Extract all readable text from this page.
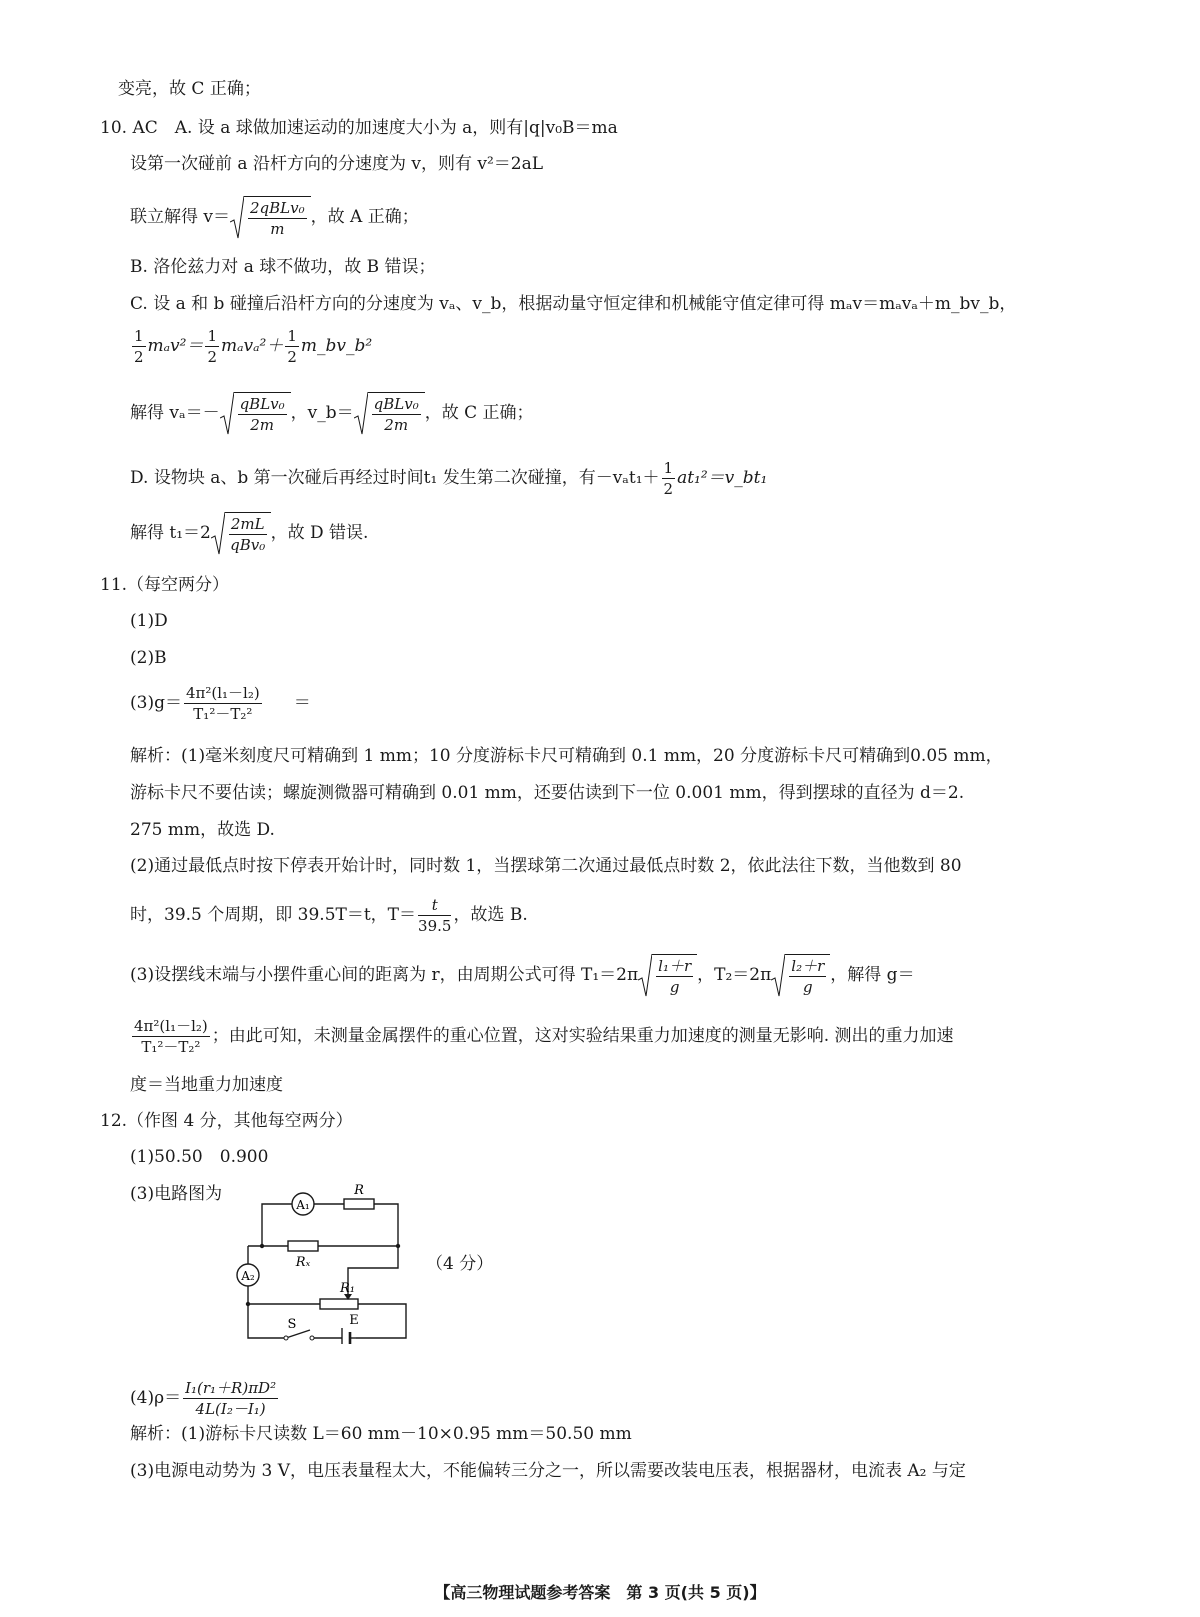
变亮，故 C 正确；
10. AC　A. 设 a 球做加速运动的加速度大小为 a，则有|q|v₀B＝ma
设第一次碰前 a 沿杆方向的分速度为 v，则有 v²＝2aL
联立解得 $v= \frac{\text{2qBLv₀}}{m}$ ，故 A 正确；
B. 洛伦兹力对 a 球不做功，故 B 错误；
C. 设 a 和 b 碰撞后沿杆方向的分速度为 vₐ、v_b，根据动量守恒定律和机械能守值定律可得 mₐv＝mₐvₐ＋m_bv_b，
$\frac{1}{2} m_av^2= \frac{1}{2} m_av_a^2+ \frac{1}{2}$ m_bv_b²
解得 $v_a=- \frac{\text{qBLv₀}}{2m}$ ，v_b＝ $\frac{\text{qBLv₀}}{2m}$ ，故 C 正确；
D. 设物块 a、b 第一次碰后再经过时间t₁ 发生第二次碰撞，有$-v_at_1+ \frac{1}{2}$ at₁²＝v_bt₁
解得 $t_1=2 \frac{2mL}{\text{qBv₀}}$ ，故 D 错误.
11.（每空两分）
(1)D
(2)B
$(3)g= \frac{\text{4π²(l₁－l₂)}}{\text{T₁²－T₂²}}$ ＝
解析：(1)毫米刻度尺可精确到 1 mm；10 分度游标卡尺可精确到 0.1 mm，20 分度游标卡尺可精确到0.05 mm，
游标卡尺不要估读；螺旋测微器可精确到 0.01 mm，还要估读到下一位 0.001 mm，得到摆球的直径为 d＝2.
275 mm，故选 D.
(2)通过最低点时按下停表开始计时，同时数 1，当摆球第二次通过最低点时数 2，依此法往下数，当他数到 80
时，39.5 个周期，即 39.5T＝t，$T= \frac{t}{39.5}$ ，故选 B.
(3)设摆线末端与小摆件重心间的距离为 r，由周期公式可得 $T_1=2\pi \frac{\text{l₁＋r}}{g}$ ，$T_2=2\pi \frac{\text{l₂＋r}}{g}$ ，解得 g＝
$\frac{\text{4π²(l₁－l₂)}}{\text{T₁²－T₂²}}$ ；由此可知，未测量金属摆件的重心位置，这对实验结果重力加速度的测量无影响. 测出的重力加速
度＝当地重力加速度
12.（作图 4 分，其他每空两分）
(1)50.50　0.900
(3)电路图为
（4 分）
A₁
A₂
R
Rₓ
R₁
S	E
$(4)\rho= \frac{\text{I₁(r₁＋R)πD²}}{\text{4L(I₂－I₁)}}$
解析：(1)游标卡尺读数 L＝60 mm－10×0.95 mm＝50.50 mm
(3)电源电动势为 3 V，电压表量程太大，不能偏转三分之一，所以需要改装电压表，根据器材，电流表 A₂ 与定
【高三物理试题参考答案　第 3 页(共 5 页)】
